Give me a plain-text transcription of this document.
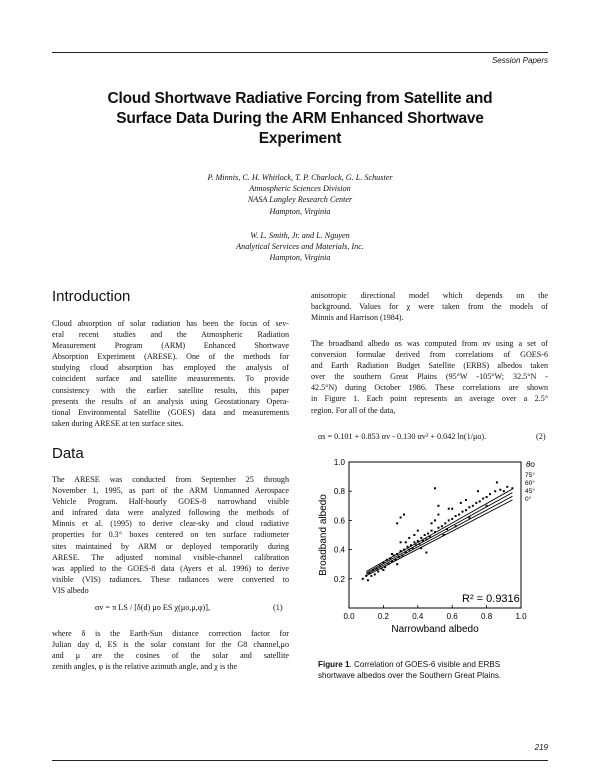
Session Papers
Cloud Shortwave Radiative Forcing from Satellite and
Surface Data During the ARM Enhanced Shortwave
Experiment
P. Minnis, C. H. Whitlock, T. P. Charlock, G. L. Schuster
Atmospheric Sciences Division
NASA Langley Research Center
Hampton, Virginia
W. L. Smith, Jr. and L. Nguyen
Analytical Services and Materials, Inc.
Hampton, Virginia
Introduction
Cloud absorption of solar radiation has been the focus of sev-
eral recent studies and the Atmospheric Radiation
Measurement Program (ARM) Enhanced Shortwave
Absorption Experiment (ARESE). One of the methods for
studying cloud absorption has employed the analysis of
coincident surface and satellite measurements. To provide
consistency with the earlier satellite results, this paper
presents the results of an analysis using Geostationary Opera-
tional Environmental Satellite (GOES) data and measurements
taken during ARESE at ten surface sites.
Data
The ARESE was conducted from September 25 through
November 1, 1995, as part of the ARM Unmanned Aerospace
Vehicle Program. Half-hourly GOES-8 narrowband visible
and infrared data were analyzed following the methods of
Minnis et al. (1995) to derive clear-sky and cloud radiative
properties for 0.3° boxes centered on ten surface radiometer
sites maintained by ARM or deployed temporarily during
ARESE. The adjusted nominal visible-channel calibration
was applied to the GOES-8 data (Ayers et al. 1996) to derive
visible (VIS) radiances. These radiances were converted to
VIS albedo
αv = π LS / [δ(d) μo ES χ(μo,μ,φ)],	(1)
where δ is the Earth-Sun distance correction factor for
Julian day d, ES is the solar constant for the G8 channel,μo
and μ are the cosines of the solar and satellite
zenith angles, φ is the relative azimuth angle, and χ is the
anisotropic directional model which depends on the
background. Values for χ were taken from the models of
Minnis and Harrison (1984).
The broadband albedo αs was computed from αv using a set of
conversion formulae derived from correlations of GOES-6
and Earth Radiation Budget Satellite (ERBS) albedos taken
over the southern Great Plains (95°W -105°W; 32.5°N -
42.5°N) during October 1986. These correlations are shown
in Figure 1. Each point represents an average over a 2.5°
region. For all of the data,
αs = 0.101 + 0.853 αv - 0.130 αv² + 0.042 ln(1/μo).	(2)
0.2
0.4
0.6
0.8
1.0
0.0	0.2	0.4	0.6	0.8	1.0
Broadband albedo
Narrowband albedo
R² = 0.9316
θo
75°
60°
45°
0°
Figure 1. Correlation of GOES-6 visible and ERBS
shortwave albedos over the Southern Great Plains.
219
